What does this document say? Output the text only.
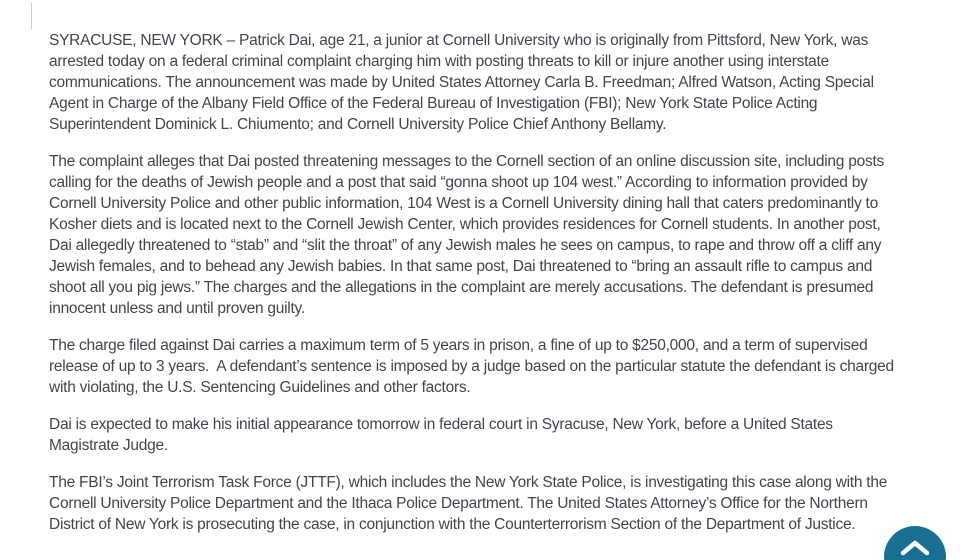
SYRACUSE, NEW YORK – Patrick Dai, age 21, a junior at Cornell University who is originally from Pittsford, New York, was arrested today on a federal criminal complaint charging him with posting threats to kill or injure another using interstate communications. The announcement was made by United States Attorney Carla B. Freedman; Alfred Watson, Acting Special Agent in Charge of the Albany Field Office of the Federal Bureau of Investigation (FBI); New York State Police Acting Superintendent Dominick L. Chiumento; and Cornell University Police Chief Anthony Bellamy.

The complaint alleges that Dai posted threatening messages to the Cornell section of an online discussion site, including posts calling for the deaths of Jewish people and a post that said “gonna shoot up 104 west.” According to information provided by Cornell University Police and other public information, 104 West is a Cornell University dining hall that caters predominantly to Kosher diets and is located next to the Cornell Jewish Center, which provides residences for Cornell students. In another post, Dai allegedly threatened to “stab” and “slit the throat” of any Jewish males he sees on campus, to rape and throw off a cliff any Jewish females, and to behead any Jewish babies. In that same post, Dai threatened to “bring an assault rifle to campus and shoot all you pig jews.” The charges and the allegations in the complaint are merely accusations. The defendant is presumed innocent unless and until proven guilty.

The charge filed against Dai carries a maximum term of 5 years in prison, a fine of up to $250,000, and a term of supervised release of up to 3 years.  A defendant’s sentence is imposed by a judge based on the particular statute the defendant is charged with violating, the U.S. Sentencing Guidelines and other factors.

Dai is expected to make his initial appearance tomorrow in federal court in Syracuse, New York, before a United States Magistrate Judge.

The FBI’s Joint Terrorism Task Force (JTTF), which includes the New York State Police, is investigating this case along with the Cornell University Police Department and the Ithaca Police Department. The United States Attorney’s Office for the Northern District of New York is prosecuting the case, in conjunction with the Counterterrorism Section of the Department of Justice.
